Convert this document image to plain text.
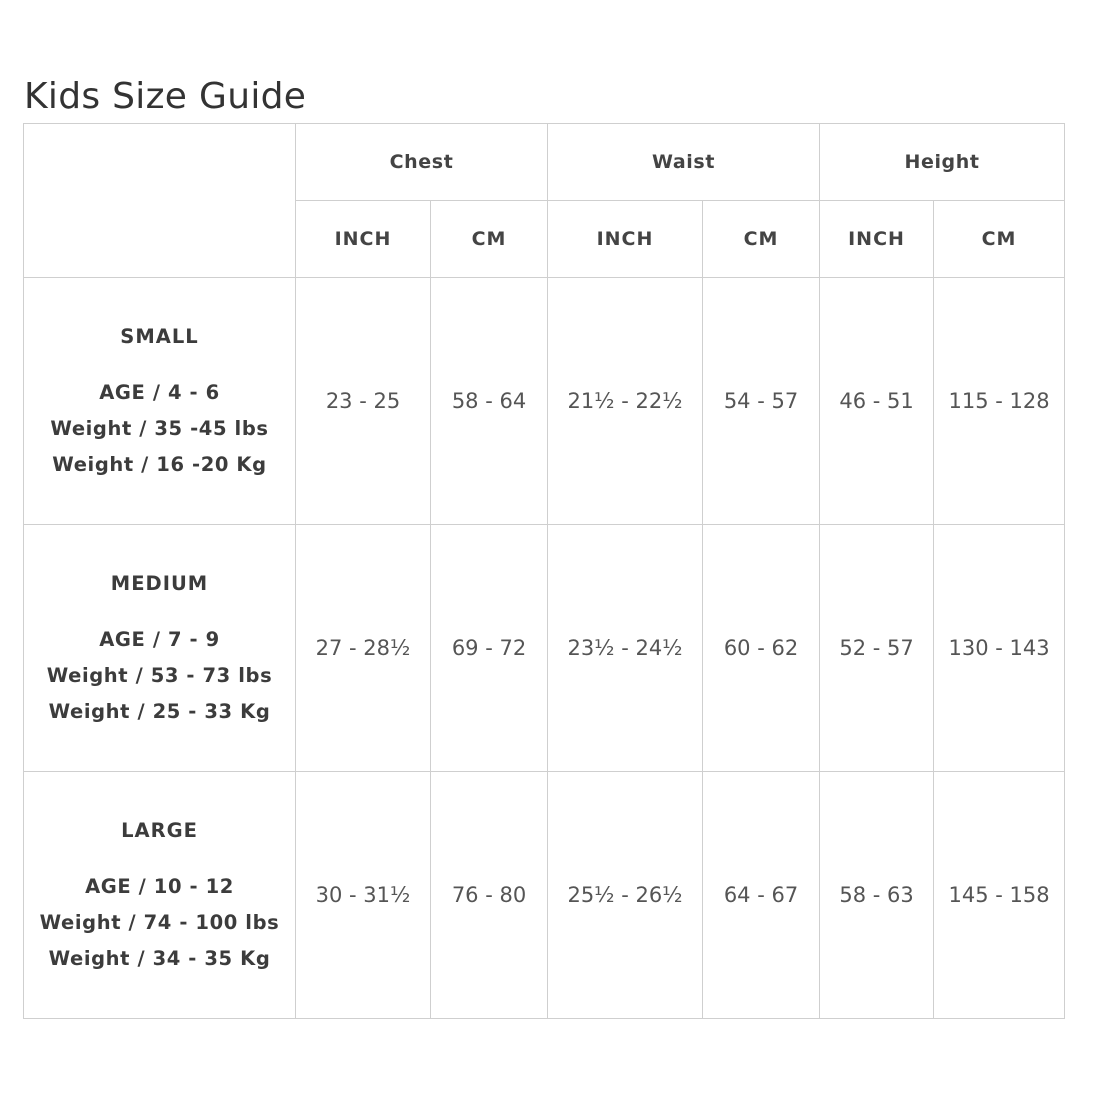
Kids Size Guide
	Chest		Waist		Height	
	INCH	CM	INCH	CM	INCH	CM

SMALL
AGE / 4 - 6
Weight / 35 -45 lbs
Weight / 16 -20 Kg	23 - 25	58 - 64	21½ - 22½	54 - 57	46 - 51	115 - 128

MEDIUM
AGE / 7 - 9
Weight / 53 - 73 lbs
Weight / 25 - 33 Kg	27 - 28½	69 - 72	23½ - 24½	60 - 62	52 - 57	130 - 143

LARGE
AGE / 10 - 12
Weight / 74 - 100 lbs
Weight / 34 - 35 Kg	30 - 31½	76 - 80	25½ - 26½	64 - 67	58 - 63	145 - 158
